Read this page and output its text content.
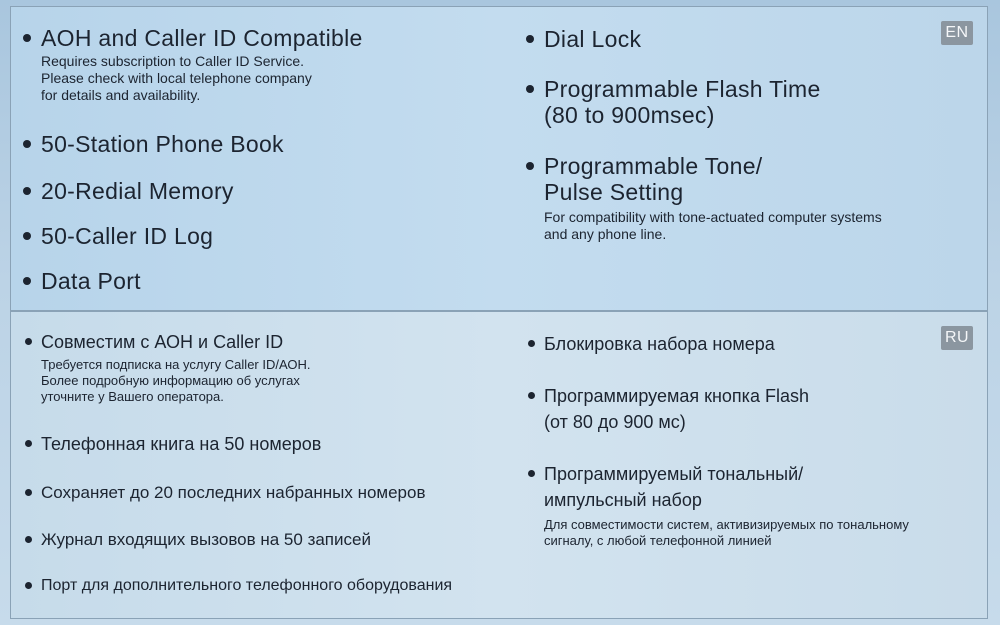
EN
AOH and Caller ID Compatible
Requires subscription to Caller ID Service.
Please check with local telephone company
for details and availability.
50-Station Phone Book
20-Redial Memory
50-Caller ID Log
Data Port
Dial Lock
Programmable Flash Time
(80 to 900msec)
Programmable Tone/
Pulse Setting
For compatibility with tone-actuated computer systems
and any phone line.
RU
Совместим с АОН и Caller ID
Требуется подписка на услугу Caller ID/АОН.
Более подробную информацию об услугах
уточните у Вашего оператора.
Телефонная книга на 50 номеров
Сохраняет до 20 последних набранных номеров
Журнал входящих вызовов на 50 записей
Порт для дополнительного телефонного оборудования
Блокировка набора номера
Программируемая кнопка Flash
(от 80 до 900 мс)
Программируемый тональный/
импульсный набор
Для совместимости систем, активизируемых по тональному
сигналу, с любой телефонной линией
